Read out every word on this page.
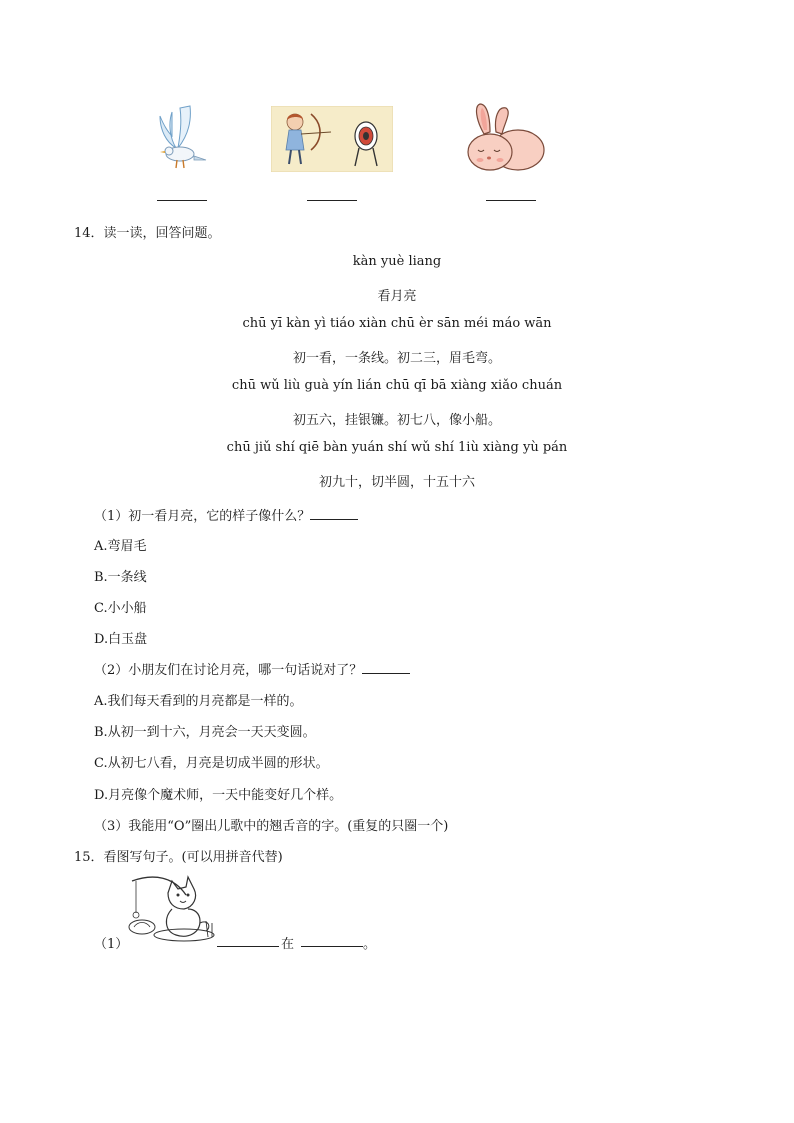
14．读一读，回答问题。
kàn yuè liang
看月亮
chū yī kàn yì tiáo xiàn chū èr sān méi máo wān
初一看，一条线。初二三，眉毛弯。
chū wǔ liù guà yín lián chū qī bā xiàng xiǎo chuán
初五六，挂银镰。初七八，像小船。
chū jiǔ shí qiē bàn yuán shí wǔ shí 1iù xiàng yù pán
初九十，切半圆，十五十六
（1）初一看月亮，它的样子像什么？
A.弯眉毛
B.一条线
C.小小船
D.白玉盘
（2）小朋友们在讨论月亮，哪一句话说对了？
A.我们每天看到的月亮都是一样的。
B.从初一到十六，月亮会一天天变圆。
C.从初七八看，月亮是切成半圆的形状。
D.月亮像个魔术师，一天中能变好几个样。
（3）我能用“O”圈出儿歌中的翘舌音的字。(重复的只圈一个)
15．看图写句子。(可以用拼音代替)
（1）	在	。
